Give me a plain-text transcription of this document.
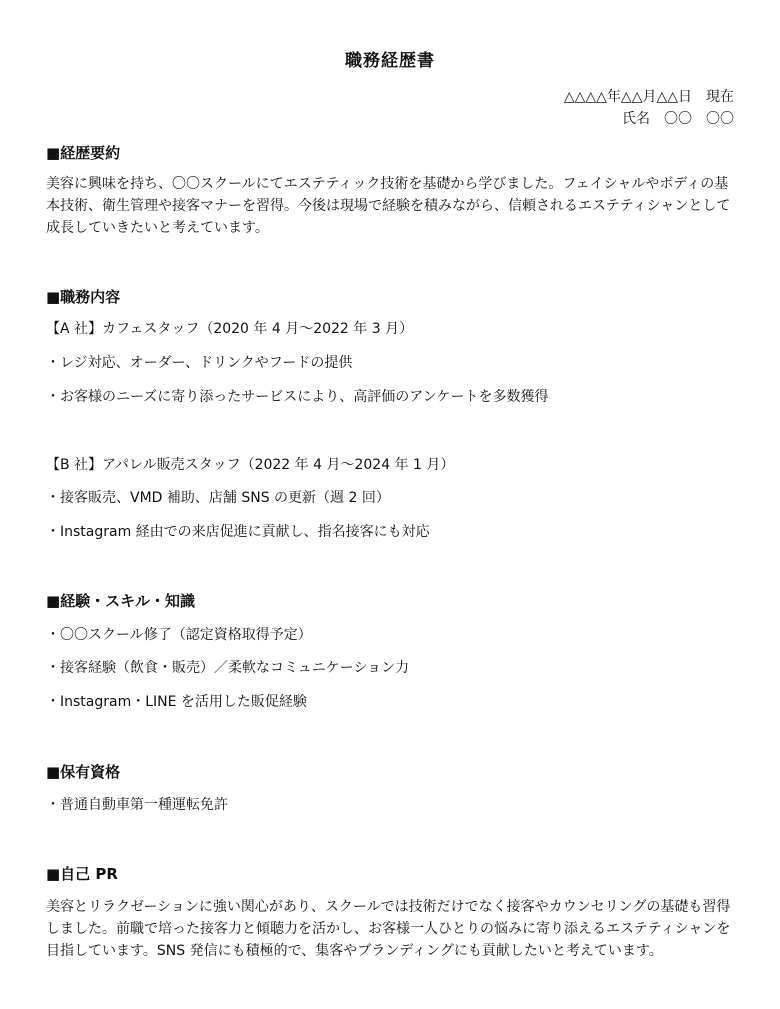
職務経歴書
△△△△年△△月△△日　現在
氏名　〇〇　〇〇
■経歴要約

美容に興味を持ち、〇〇スクールにてエステティック技術を基礎から学びました。フェイシャルやボディの基本技術、衛生管理や接客マナーを習得。今後は現場で経験を積みながら、信頼されるエステティシャンとして成長していきたいと考えています。

■職務内容
【A 社】カフェスタッフ（2020 年 4 月～2022 年 3 月）
・レジ対応、オーダー、ドリンクやフードの提供
・お客様のニーズに寄り添ったサービスにより、高評価のアンケートを多数獲得
【B 社】アパレル販売スタッフ（2022 年 4 月～2024 年 1 月）
・接客販売、VMD 補助、店舗 SNS の更新（週 2 回）
・Instagram 経由での来店促進に貢献し、指名接客にも対応
■経験・スキル・知識
・〇〇スクール修了（認定資格取得予定）
・接客経験（飲食・販売）／柔軟なコミュニケーション力
・Instagram・LINE を活用した販促経験
■保有資格
・普通自動車第一種運転免許
■自己 PR

美容とリラクゼーションに強い関心があり、スクールでは技術だけでなく接客やカウンセリングの基礎も習得しました。前職で培った接客力と傾聴力を活かし、お客様一人ひとりの悩みに寄り添えるエステティシャンを目指しています。SNS 発信にも積極的で、集客やブランディングにも貢献したいと考えています。
